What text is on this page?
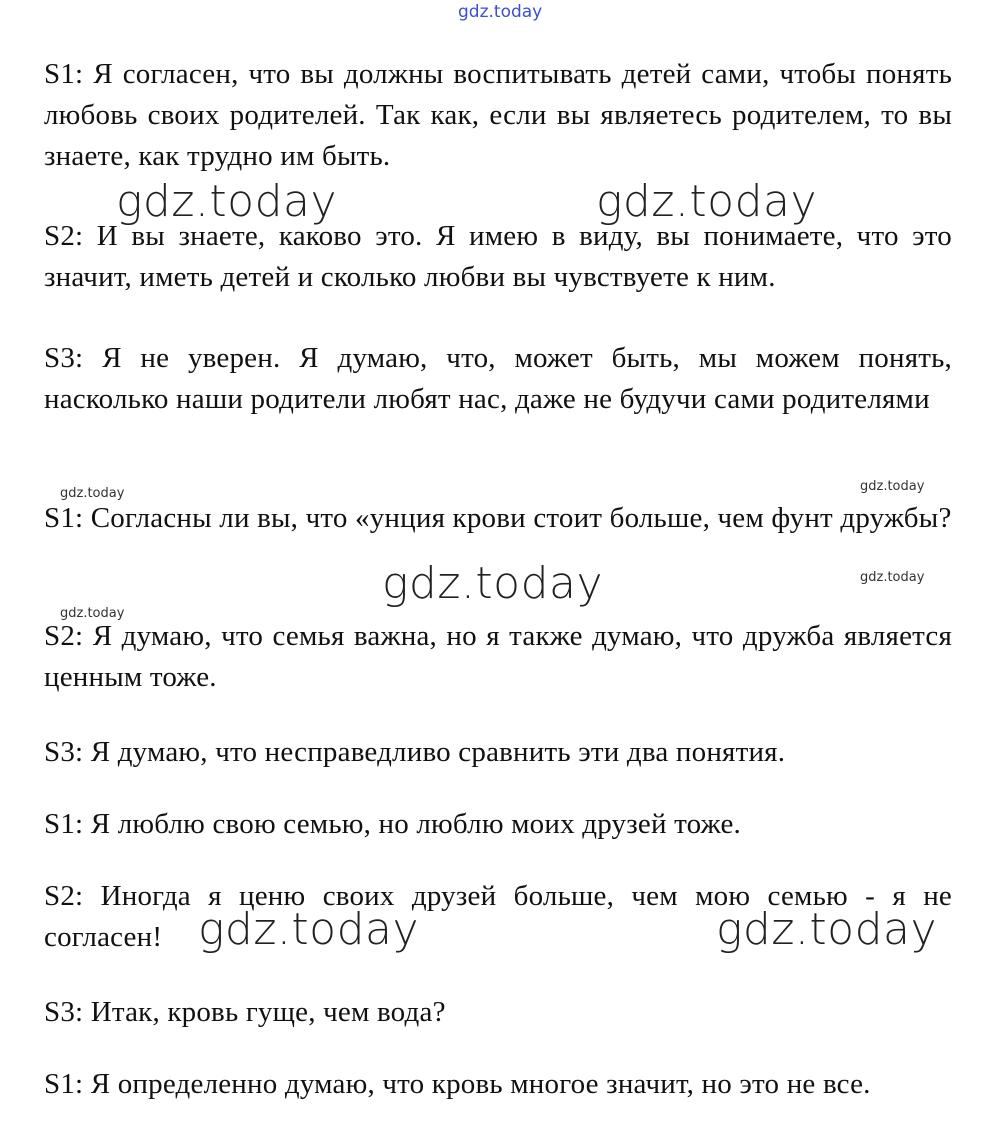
gdz.today

S1: Я согласен, что вы должны воспитывать детей сами, чтобы понять любовь своих родителей. Так как, если вы являетесь родителем, то вы знаете, как трудно им быть.

S2: И вы знаете, каково это. Я имею в виду, вы понимаете, что это значит, иметь детей и сколько любви вы чувствуете к ним.

S3: Я не уверен. Я думаю, что, может быть, мы можем понять, насколько наши родители любят нас, даже не будучи сами родителями

S1: Согласны ли вы, что «унция крови стоит больше, чем фунт дружбы?

S2: Я думаю, что семья важна, но я также думаю, что дружба является ценным тоже.

S3: Я думаю, что несправедливо сравнить эти два понятия.

S1: Я люблю свою семью, но люблю моих друзей тоже.

S2: Иногда я ценю своих друзей больше, чем мою семью - я не согласен!

S3: Итак, кровь гуще, чем вода?

S1: Я определенно думаю, что кровь многое значит, но это не все.

gdz.today	gdz.today
gdz.today
gdz.today	gdz.today
gdz.today	gdz.today
gdz.today
gdz.today
